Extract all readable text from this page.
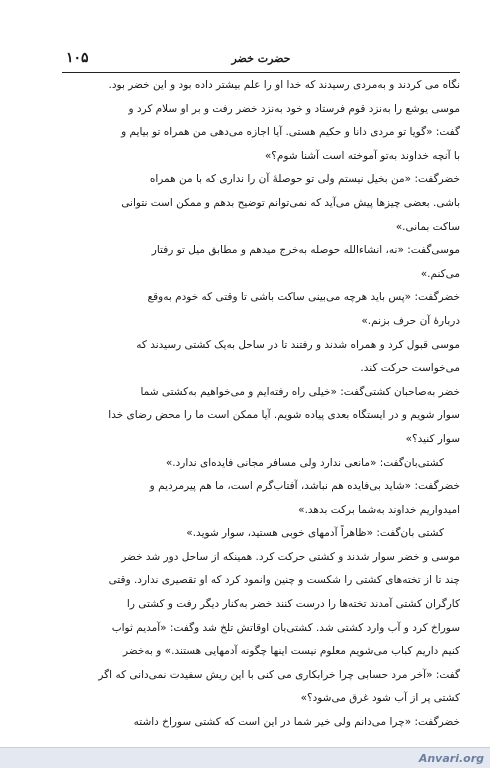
حضرت خضر
۱۰۵

نگاه می کردند و به‌مردی رسیدند که خدا او را علم بیشتر داده بود و این خضر بود.

موسی یوشع را به‌نزد قوم فرستاد و خود به‌نزد خضر رفت و بر او سلام کرد و
گفت: «گویا تو مردی دانا و حکیم هستی. آیا اجازه می‌دهی من همراه تو بیایم و
با آنچه خداوند به‌تو آموخته است آشنا شوم؟»

خضرگفت: «من بخیل نیستم ولی تو حوصلهٔ آن را نداری که با من همراه
باشی. بعضی چیزها پیش می‌آید که نمی‌توانم توضیح بدهم و ممکن است نتوانی
ساکت بمانی.»

موسی‌گفت: «نه، انشاءالله حوصله به‌خرج میدهم و مطابق میل تو رفتار
می‌کنم.»

خضرگفت: «پس باید هرچه می‌بینی ساکت باشی تا وقتی که خودم به‌وقع
دربارهٔ آن حرف بزنم.»

موسی قبول کرد و همراه شدند و رفتند تا در ساحل به‌یک کشتی رسیدند که
می‌خواست حرکت کند.

خضر به‌صاحبان کشتی‌گفت: «خیلی راه رفته‌ایم و می‌خواهیم به‌کشتی شما
سوار شویم و در ایستگاه بعدی پیاده شویم. آیا ممکن است ما را محض رضای خدا
سوار کنید؟»

کشتی‌بان‌گفت: «مانعی ندارد ولی مسافر مجانی فایده‌ای ندارد.»

خضرگفت: «شاید بی‌فایده هم نباشد، آفتاب‌گرم است، ما هم پیرمردیم و
امیدواریم خداوند به‌شما برکت بدهد.»

کشتی بان‌گفت: «ظاهراً آدمهای خوبی هستید، سوار شوید.»

موسی و خضر سوار شدند و کشتی حرکت کرد. همینکه از ساحل دور شد خضر
چند تا از تخته‌های کشتی را شکست و چنین وانمود کرد که او تقصیری ندارد. وقتی
کارگران کشتی آمدند تخته‌ها را درست کنند خضر به‌کنار دیگر رفت و کشتی را
سوراخ کرد و آب وارد کشتی شد. کشتی‌بان اوقاتش تلخ شد وگفت: «آمدیم ثواب
کنیم داریم کباب می‌شویم معلوم نیست اینها چگونه آدمهایی هستند.» و به‌خضر
گفت: «آخر مرد حسابی چرا خرابکاری می کنی با این ریش سفیدت نمی‌دانی که اگر
کشتی پر از آب شود غرق می‌شود؟»

خضرگفت: «چرا می‌دانم ولی خیر شما در این است که کشتی سوراخ داشته

Anvari.org
